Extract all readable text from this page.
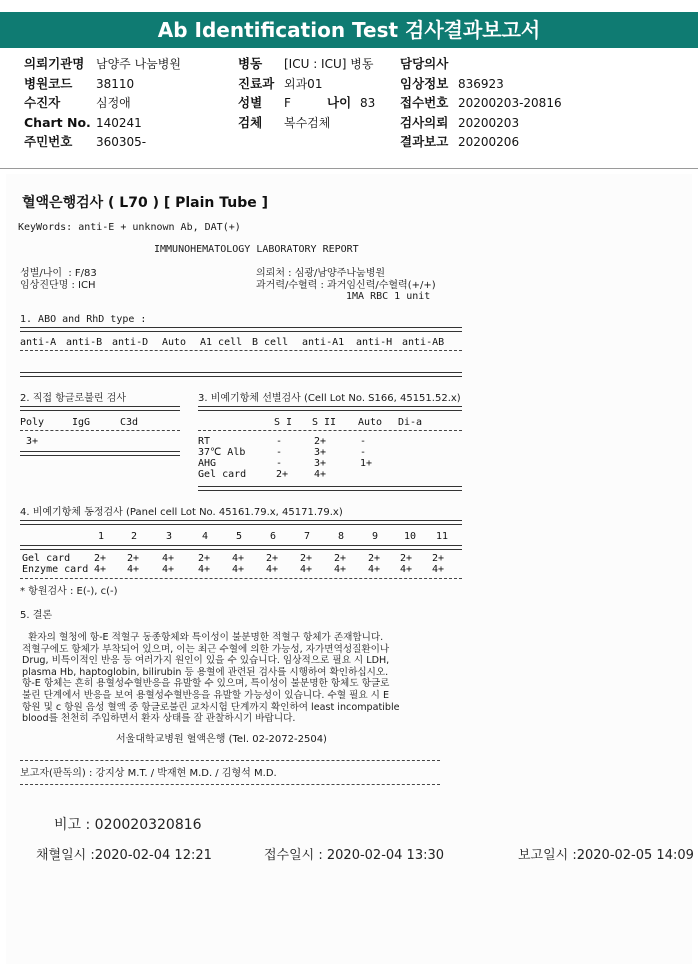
Ab Identification Test 검사결과보고서
의뢰기관명 남양주 나눔병원	병동 [ICU : ICU] 병동 담당의사
병원코드 38110	진료과 외과01	임상정보 836923
수진자	심정애	성별 F	나이 83 접수번호 20200203-20816
Chart No. 140241	검체 복수검체	검사의뢰 20200203
주민번호 360305-	결과보고 20200206
혈액은행검사 ( L70 ) [ Plain Tube ]
KeyWords: anti-E + unknown Ab, DAT(+)
IMMUNOHEMATOLOGY LABORATORY REPORT
성별/나이  : F/83
임상진단명 : ICH
의뢰처 : 심광/남양주나눔병원
과거력/수혈력 : 과거임신력/수혈력(+/+)
1MA RBC 1 unit
1. ABO and RhD type :
2. 직접 항글로불린 검사	3. 비예기항체 선별검사 (Cell Lot No. S166, 45151.52.x)
4. 비예기항체 동정검사 (Panel cell Lot No. 45161.79.x, 45171.79.x)
* 항원검사 : E(-), c(-)
5. 결론
서울대학교병원 혈액은행 (Tel. 02-2072-2504)
보고자(판독의) : 강지상 M.T. / 박재현 M.D. / 김형석 M.D.
비고 : 020020320816
채혈일시 :2020-02-04 12:21	접수일시 : 2020-02-04 13:30	보고일시 :2020-02-05 14:09
anti-A anti-B anti-D Auto A1 cell B cell anti-A1 anti-H anti-AB
Poly	IgG	C3d
3+
S I S II Auto Di-a
RT	-	2+	-
37℃ Alb	-	3+	-
AHG	-	3+	1+
Gel card	2+	4+
1	2	3	4	5	6	7	8	9	10 11
Gel card 2+ 2+ 4+ 2+ 4+ 2+ 2+ 2+ 2+ 2+ 2+
Enzyme card 4+ 4+ 4+ 4+ 4+ 4+ 4+ 4+ 4+ 4+ 4+
환자의 혈청에 항-E 적혈구 동종항체와 특이성이 불분명한 적혈구 항체가 존재합니다.
적혈구에도 항체가 부착되어 있으며, 이는 최근 수혈에 의한 가능성, 자가면역성질환이나
Drug, 비특이적인 반응 등 여러가지 원인이 있을 수 있습니다. 임상적으로 필요 시 LDH,
plasma Hb, haptoglobin, bilirubin 등 용혈에 관련된 검사를 시행하여 확인하십시오.
항-E 항체는 흔히 용혈성수혈반응을 유발할 수 있으며, 특이성이 불분명한 항체도 항글로
불린 단계에서 반응을 보여 용혈성수혈반응을 유발할 가능성이 있습니다. 수혈 필요 시 E
항원 및 c 항원 음성 혈액 중 항글로불린 교차시험 단계까지 확인하여 least incompatible
blood를 천천히 주입하면서 환자 상태를 잘 관찰하시기 바랍니다.
